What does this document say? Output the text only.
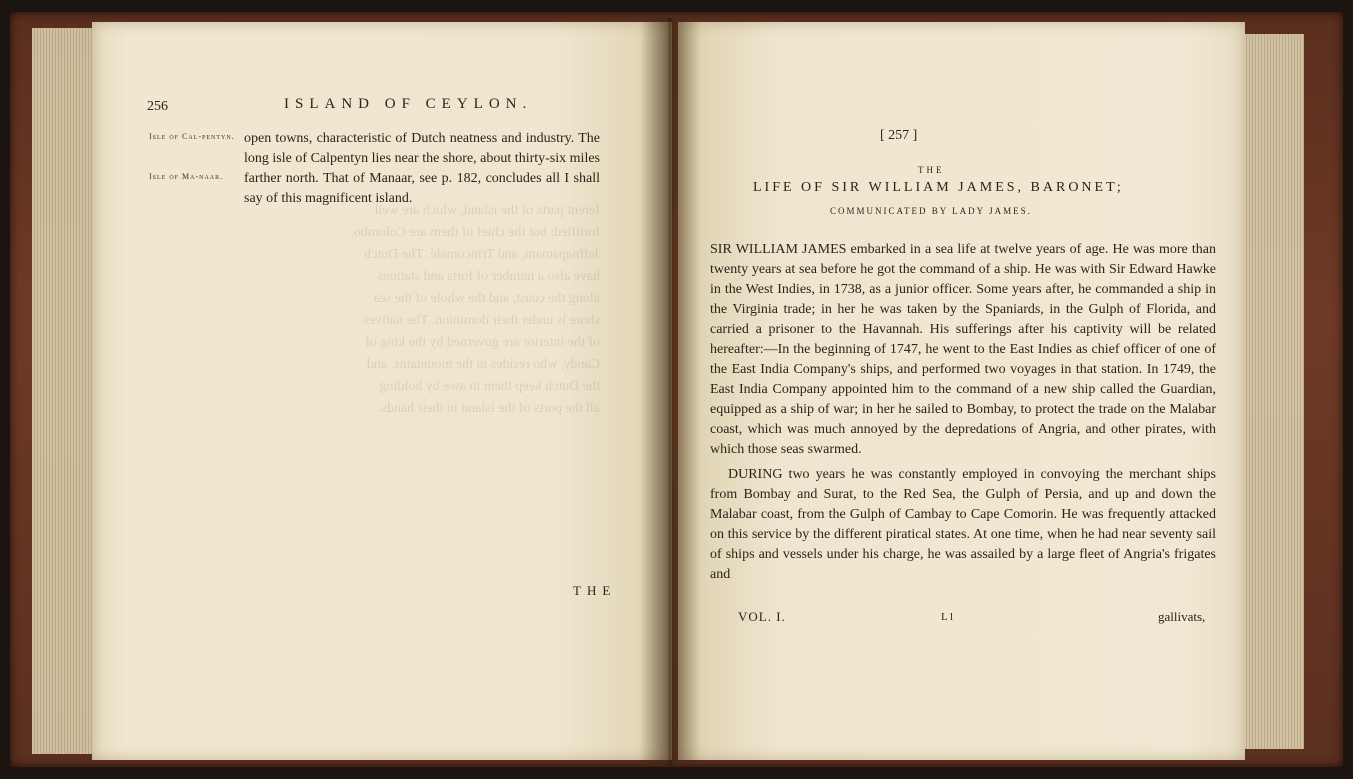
ferent parts of the island, which are well
fortified; but the chief of them are Colombo,
Jaffnapatnam, and Trincomalé. The Dutch
have also a number of forts and stations
along the coast, and the whole of the sea
shore is under their dominion. The natives
of the interior are governed by the king of
Candy, who resides in the mountains, and
the Dutch keep them in awe by holding
all the ports of the island in their hands.
256	ISLAND OF CEYLON.
Isle of Cal-pentyn.
Isle of Ma-naar.
open towns, characteristic of Dutch neatness and industry. The long isle of Calpentyn lies near the shore, about thirty-six miles farther north. That of Manaar, see p. 182, concludes all I shall say of this magnificent island.
THE
[ 257 ]
THE
LIFE OF SIR WILLIAM JAMES, BARONET;
COMMUNICATED BY LADY JAMES.

SIR WILLIAM JAMES embarked in a sea life at twelve years of age. He was more than twenty years at sea before he got the command of a ship. He was with Sir Edward Hawke in the West Indies, in 1738, as a junior officer. Some years after, he commanded a ship in the Virginia trade; in her he was taken by the Spaniards, in the Gulph of Florida, and carried a prisoner to the Havannah. His sufferings after his captivity will be related hereafter:—In the beginning of 1747, he went to the East Indies as chief officer of one of the East India Company's ships, and performed two voyages in that station. In 1749, the East India Company appointed him to the command of a new ship called the Guardian, equipped as a ship of war; in her he sailed to Bombay, to protect the trade on the Malabar coast, which was much annoyed by the depredations of Angria, and other pirates, with which those seas swarmed.

DURING two years he was constantly employed in convoying the merchant ships from Bombay and Surat, to the Red Sea, the Gulph of Persia, and up and down the Malabar coast, from the Gulph of Cambay to Cape Comorin. He was frequently attacked on this service by the different piratical states. At one time, when he had near seventy sail of ships and vessels under his charge, he was assailed by a large fleet of Angria's frigates and

VOL. I.	L l	gallivats,
